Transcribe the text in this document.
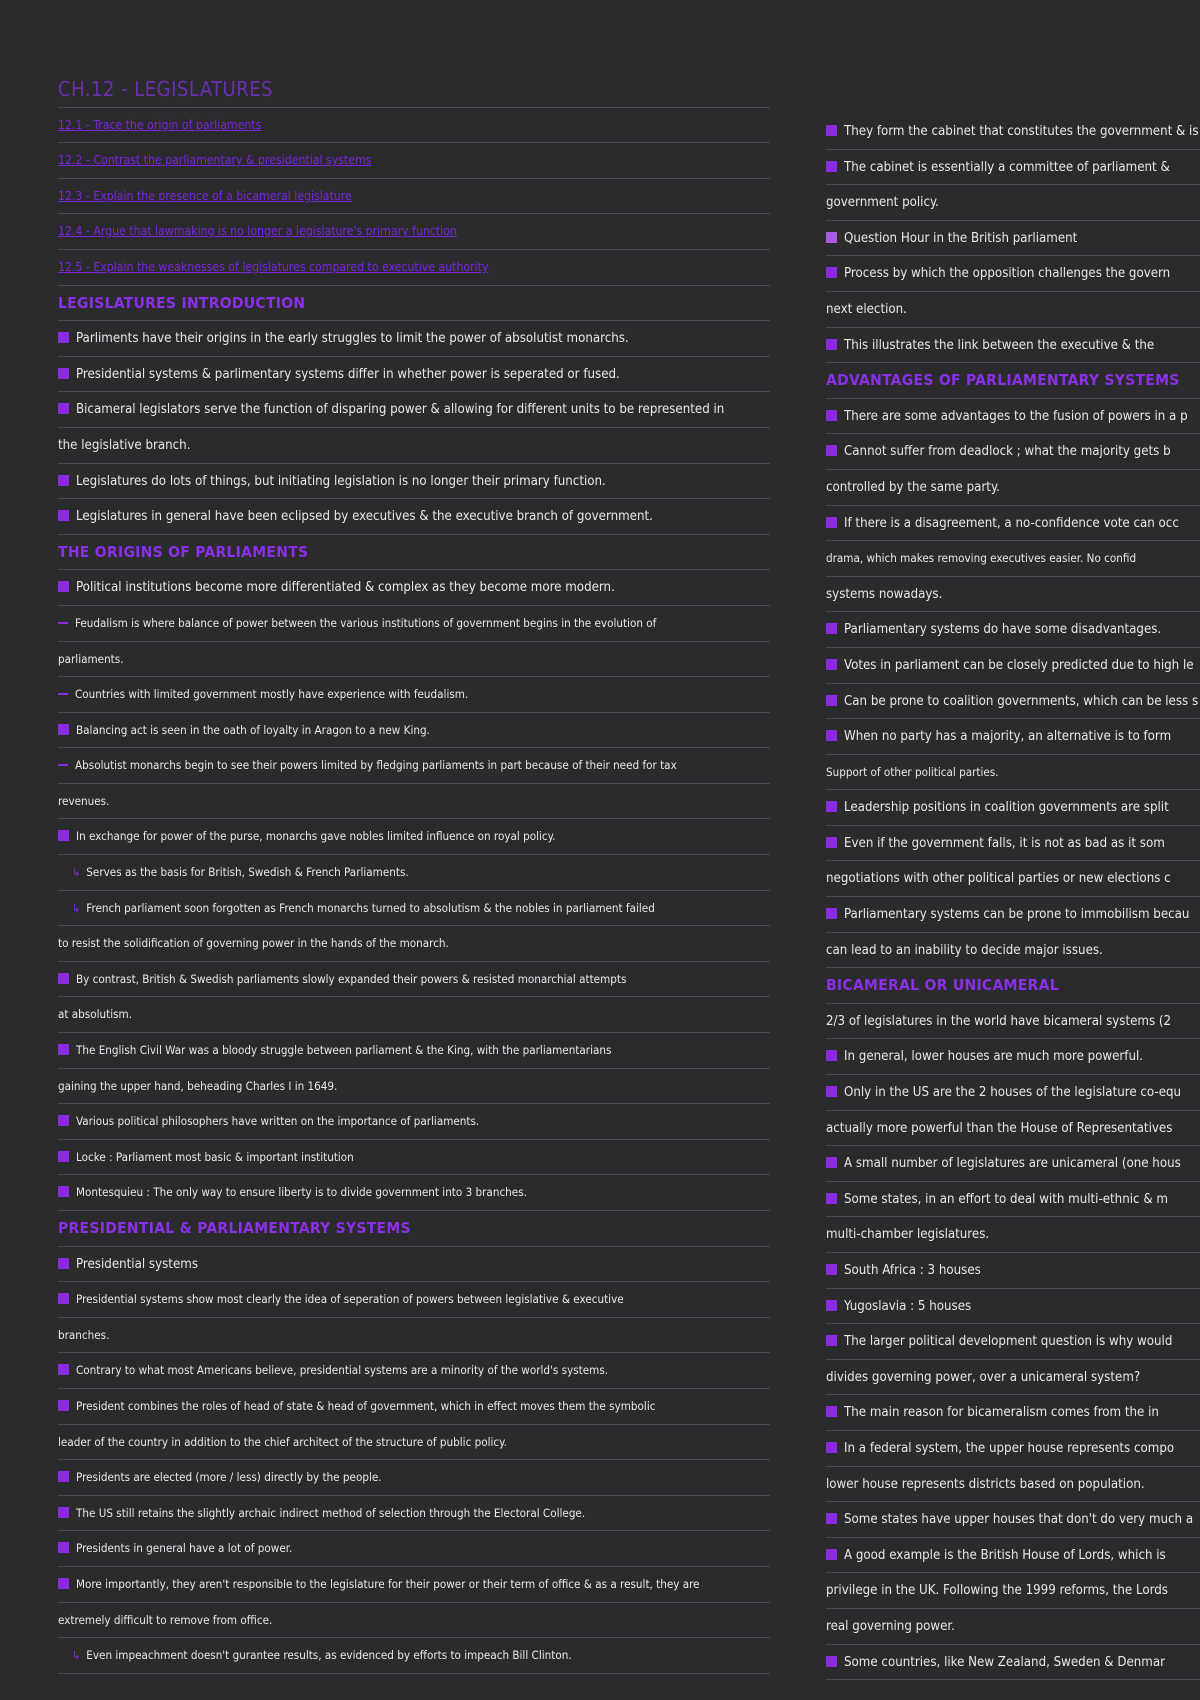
CH.12 - LEGISLATURES
12.1 - Trace the origin of parliaments
12.2 - Contrast the parliamentary & presidential systems
12.3 - Explain the presence of a bicameral legislature
12.4 - Argue that lawmaking is no longer a legislature's primary function
12.5 - Explain the weaknesses of legislatures compared to executive authority
LEGISLATURES INTRODUCTION
Parliments have their origins in the early struggles to limit the power of absolutist monarchs.
Presidential systems & parlimentary systems differ in whether power is seperated or fused.
Bicameral legislators serve the function of disparing power & allowing for different units to be represented in
the legislative branch.
Legislatures do lots of things, but initiating legislation is no longer their primary function.
Legislatures in general have been eclipsed by executives & the executive branch of government.
THE ORIGINS OF PARLIAMENTS
Political institutions become more differentiated & complex as they become more modern.
Feudalism is where balance of power between the various institutions of government begins in the evolution of
parliaments.
Countries with limited government mostly have experience with feudalism.
Balancing act is seen in the oath of loyalty in Aragon to a new King.
Absolutist monarchs begin to see their powers limited by fledging parliaments in part because of their need for tax
revenues.
In exchange for power of the purse, monarchs gave nobles limited influence on royal policy.
↳ Serves as the basis for British, Swedish & French Parliaments.
↳ French parliament soon forgotten as French monarchs turned to absolutism & the nobles in parliament failed
to resist the solidification of governing power in the hands of the monarch.
By contrast, British & Swedish parliaments slowly expanded their powers & resisted monarchial attempts
at absolutism.
The English Civil War was a bloody struggle between parliament & the King, with the parliamentarians
gaining the upper hand, beheading Charles I in 1649.
Various political philosophers have written on the importance of parliaments.
Locke : Parliament most basic & important institution
Montesquieu : The only way to ensure liberty is to divide government into 3 branches.
PRESIDENTIAL & PARLIAMENTARY SYSTEMS
Presidential systems
Presidential systems show most clearly the idea of seperation of powers between legislative & executive
branches.
Contrary to what most Americans believe, presidential systems are a minority of the world's systems.
President combines the roles of head of state & head of government, which in effect moves them the symbolic
leader of the country in addition to the chief architect of the structure of public policy.
Presidents are elected (more / less) directly by the people.
The US still retains the slightly archaic indirect method of selection through the Electoral College.
Presidents in general have a lot of power.
More importantly, they aren't responsible to the legislature for their power or their term of office & as a result, they are
extremely difficult to remove from office.
↳ Even impeachment doesn't gurantee results, as evidenced by efforts to impeach Bill Clinton.
They form the cabinet that constitutes the government & is
The cabinet is essentially a committee of parliament &
government policy.
Question Hour in the British parliament
Process by which the opposition challenges the govern
next election.
This illustrates the link between the executive & the
ADVANTAGES OF PARLIAMENTARY SYSTEMS
There are some advantages to the fusion of powers in a p
Cannot suffer from deadlock ; what the majority gets b
controlled by the same party.
If there is a disagreement, a no-confidence vote can occ
drama, which makes removing executives easier. No confid
systems nowadays.
Parliamentary systems do have some disadvantages.
Votes in parliament can be closely predicted due to high le
Can be prone to coalition governments, which can be less s
When no party has a majority, an alternative is to form
Support of other political parties.
Leadership positions in coalition governments are split
Even if the government falls, it is not as bad as it som
negotiations with other political parties or new elections c
Parliamentary systems can be prone to immobilism becau
can lead to an inability to decide major issues.
BICAMERAL OR UNICAMERAL
2/3 of legislatures in the world have bicameral systems (2
In general, lower houses are much more powerful.
Only in the US are the 2 houses of the legislature co-equ
actually more powerful than the House of Representatives
A small number of legislatures are unicameral (one hous
Some states, in an effort to deal with multi-ethnic & m
multi-chamber legislatures.
South Africa : 3 houses
Yugoslavia : 5 houses
The larger political development question is why would
divides governing power, over a unicameral system?
The main reason for bicameralism comes from the in
In a federal system, the upper house represents compo
lower house represents districts based on population.
Some states have upper houses that don't do very much a
A good example is the British House of Lords, which is
privilege in the UK. Following the 1999 reforms, the Lords
real governing power.
Some countries, like New Zealand, Sweden & Denmar
